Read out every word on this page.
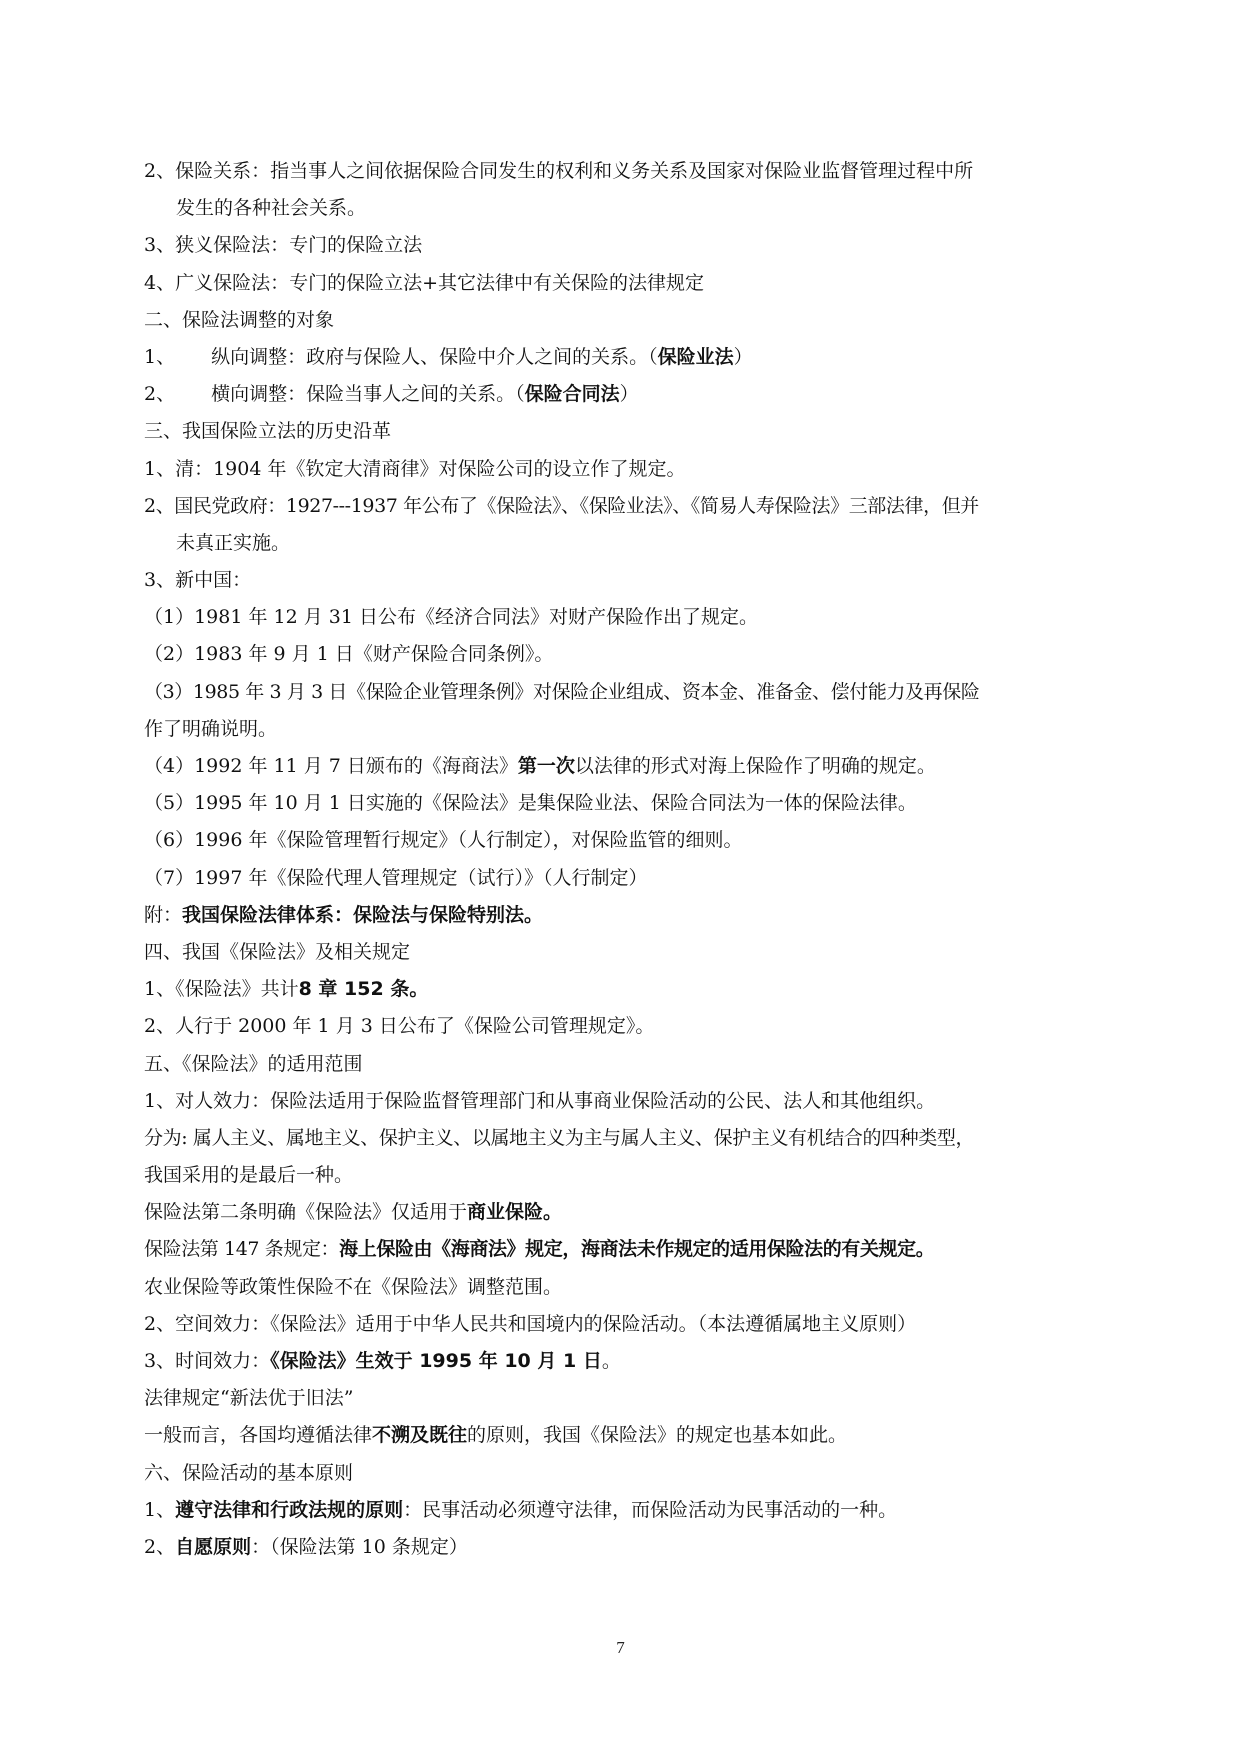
2、保险关系：指当事人之间依据保险合同发生的权利和义务关系及国家对保险业监督管理过程中所
发生的各种社会关系。
3、狭义保险法：专门的保险立法
4、广义保险法：专门的保险立法+其它法律中有关保险的法律规定
二、保险法调整的对象
1、 纵向调整：政府与保险人、保险中介人之间的关系。（保险业法）
2、 横向调整：保险当事人之间的关系。（保险合同法）
三、我国保险立法的历史沿革
1、清：1904 年《钦定大清商律》对保险公司的设立作了规定。
2、国民党政府：1927---1937 年公布了《保险法》、《保险业法》、《简易人寿保险法》三部法律，但并
未真正实施。
3、新中国：
（1）1981 年 12 月 31 日公布《经济合同法》对财产保险作出了规定。
（2）1983 年 9 月 1 日《财产保险合同条例》。
（3）1985 年 3 月 3 日《保险企业管理条例》对保险企业组成、资本金、准备金、偿付能力及再保险
作了明确说明。
（4）1992 年 11 月 7 日颁布的《海商法》第一次以法律的形式对海上保险作了明确的规定。
（5）1995 年 10 月 1 日实施的《保险法》是集保险业法、保险合同法为一体的保险法律。
（6）1996 年《保险管理暂行规定》（人行制定），对保险监管的细则。
（7）1997 年《保险代理人管理规定（试行）》（人行制定）
附：我国保险法律体系：保险法与保险特别法。
四、我国《保险法》及相关规定
1、《保险法》共计8 章 152 条。
2、人行于 2000 年 1 月 3 日公布了《保险公司管理规定》。
五、《保险法》的适用范围
1、对人效力：保险法适用于保险监督管理部门和从事商业保险活动的公民、法人和其他组织。
分为: 属人主义、属地主义、保护主义、以属地主义为主与属人主义、保护主义有机结合的四种类型，
我国采用的是最后一种。
保险法第二条明确《保险法》仅适用于商业保险。
保险法第 147 条规定：海上保险由《海商法》规定，海商法未作规定的适用保险法的有关规定。
农业保险等政策性保险不在《保险法》调整范围。
2、空间效力：《保险法》适用于中华人民共和国境内的保险活动。（本法遵循属地主义原则）
3、时间效力：《保险法》生效于 1995 年 10 月 1 日。
法律规定“新法优于旧法”
一般而言，各国均遵循法律不溯及既往的原则，我国《保险法》的规定也基本如此。
六、保险活动的基本原则
1、遵守法律和行政法规的原则：民事活动必须遵守法律，而保险活动为民事活动的一种。
2、自愿原则：（保险法第 10 条规定）
7
